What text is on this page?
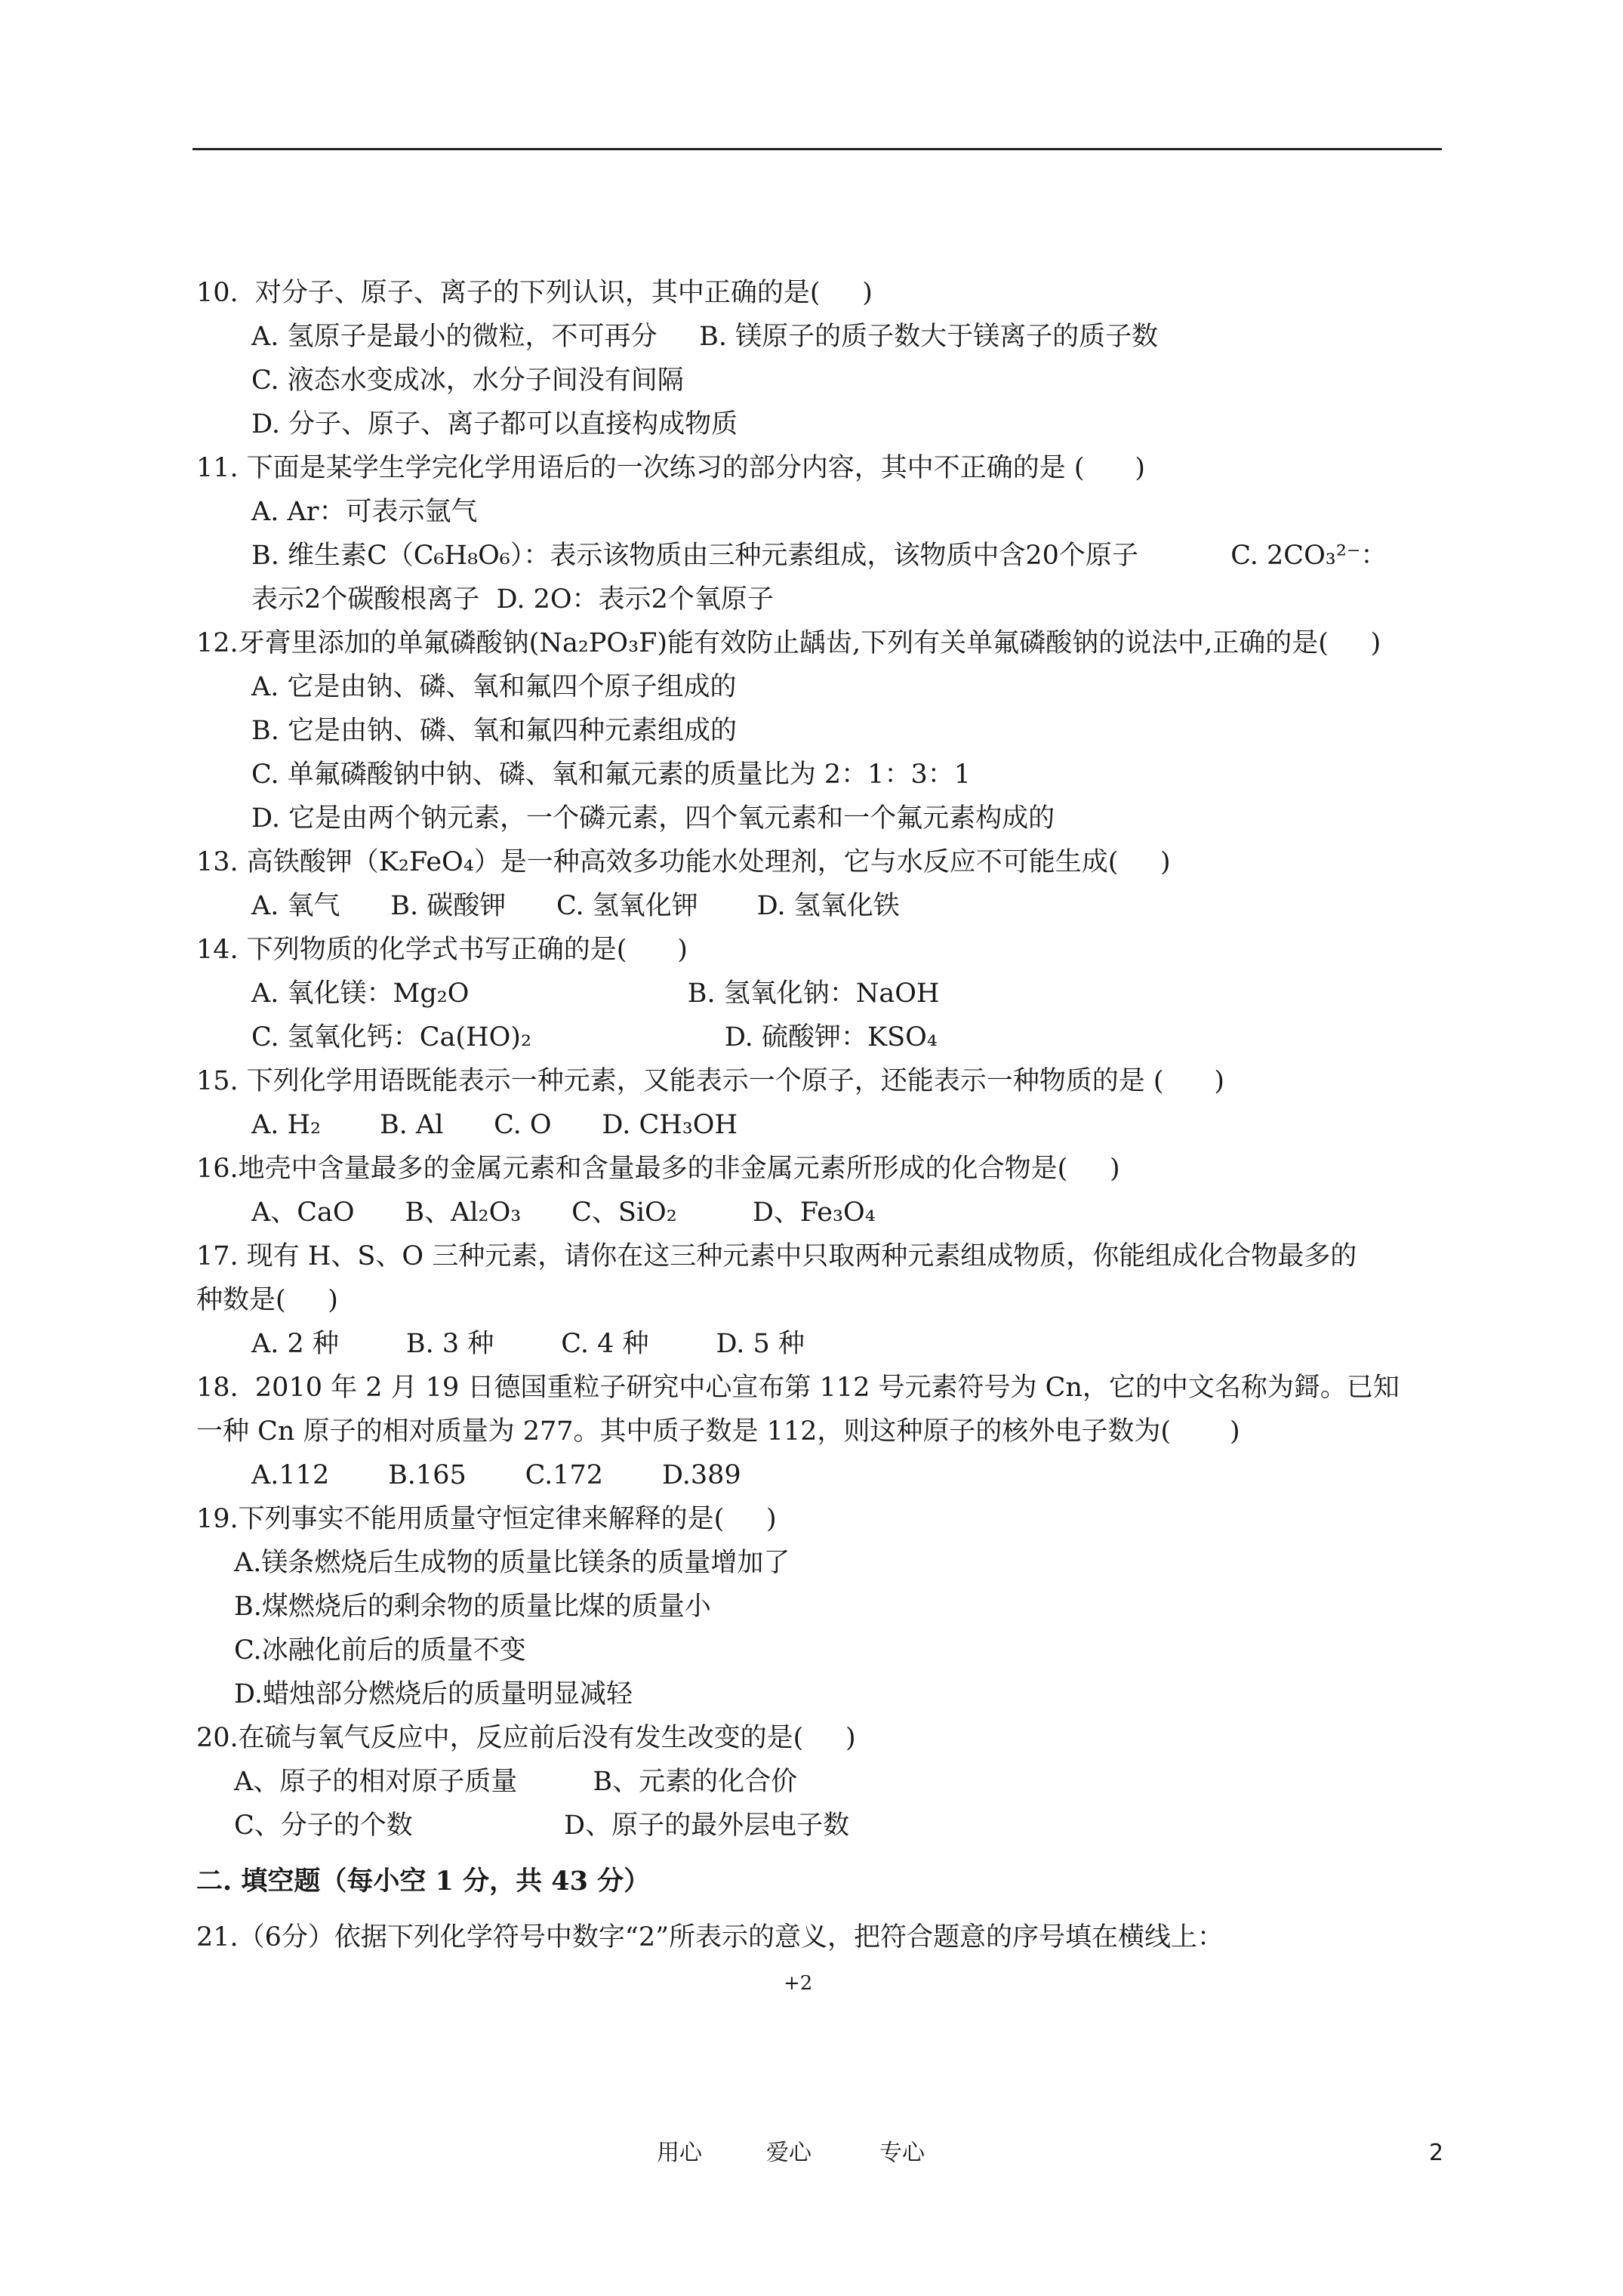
10.  对分子、原子、离子的下列认识，其中正确的是(     )
A. 氢原子是最小的微粒，不可再分     B. 镁原子的质子数大于镁离子的质子数
C. 液态水变成冰，水分子间没有间隔
D. 分子、原子、离子都可以直接构成物质
11. 下面是某学生学完化学用语后的一次练习的部分内容，其中不正确的是 (      )
A. Ar：可表示氩气
B. 维生素C（C₆H₈O₆）：表示该物质由三种元素组成，该物质中含20个原子           C. 2CO₃²⁻：
表示2个碳酸根离子  D. 2O：表示2个氧原子
12.牙膏里添加的单氟磷酸钠(Na₂PO₃F)能有效防止龋齿,下列有关单氟磷酸钠的说法中,正确的是(     )
A. 它是由钠、磷、氧和氟四个原子组成的
B. 它是由钠、磷、氧和氟四种元素组成的
C. 单氟磷酸钠中钠、磷、氧和氟元素的质量比为 2：1：3：1
D. 它是由两个钠元素，一个磷元素，四个氧元素和一个氟元素构成的
13. 高铁酸钾（K₂FeO₄）是一种高效多功能水处理剂，它与水反应不可能生成(     )
A. 氧气      B. 碳酸钾      C. 氢氧化钾       D. 氢氧化铁
14. 下列物质的化学式书写正确的是(      )
A. 氧化镁：Mg₂O                          B. 氢氧化钠：NaOH
C. 氢氧化钙：Ca(HO)₂                       D. 硫酸钾：KSO₄
15. 下列化学用语既能表示一种元素，又能表示一个原子，还能表示一种物质的是 (      )
A. H₂       B. Al      C. O      D. CH₃OH
16.地壳中含量最多的金属元素和含量最多的非金属元素所形成的化合物是(     )
A、CaO      B、Al₂O₃      C、SiO₂         D、Fe₃O₄
17. 现有 H、S、O 三种元素，请你在这三种元素中只取两种元素组成物质，你能组成化合物最多的
种数是(     )
A. 2 种        B. 3 种        C. 4 种        D. 5 种
18.  2010 年 2 月 19 日德国重粒子研究中心宣布第 112 号元素符号为 Cn，它的中文名称为鎶。已知
一种 Cn 原子的相对质量为 277。其中质子数是 112，则这种原子的核外电子数为(       )
A.112       B.165       C.172       D.389
19.下列事实不能用质量守恒定律来解释的是(     )
A.镁条燃烧后生成物的质量比镁条的质量增加了
B.煤燃烧后的剩余物的质量比煤的质量小
C.冰融化前后的质量不变
D.蜡烛部分燃烧后的质量明显减轻
20.在硫与氧气反应中，反应前后没有发生改变的是(     )
A、原子的相对原子质量         B、元素的化合价
C、分子的个数                  D、原子的最外层电子数
二. 填空题（每小空 1 分，共 43 分）
21.（6分）依据下列化学符号中数字“2”所表示的意义，把符合题意的序号填在横线上：
+2
用心	爱心	专心	2
